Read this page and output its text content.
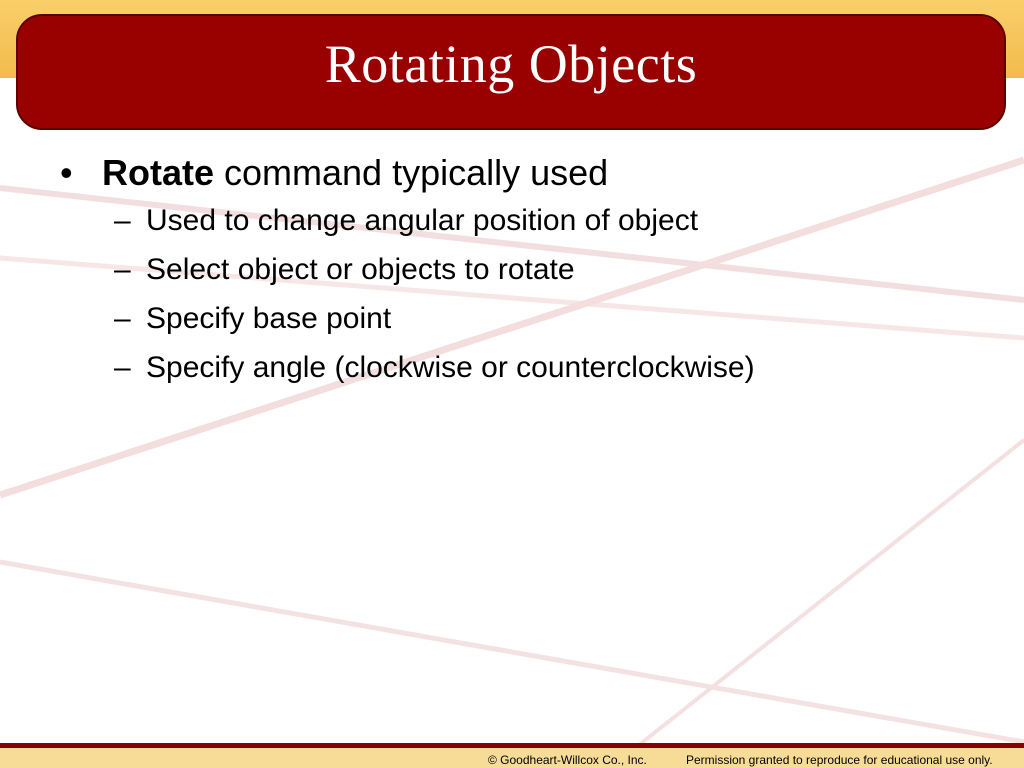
Rotating Objects
• Rotate command typically used
– Used to change angular position of object
– Select object or objects to rotate
– Specify base point
– Specify angle (clockwise or counterclockwise)
© Goodheart-Willcox Co., Inc.	Permission granted to reproduce for educational use only.
